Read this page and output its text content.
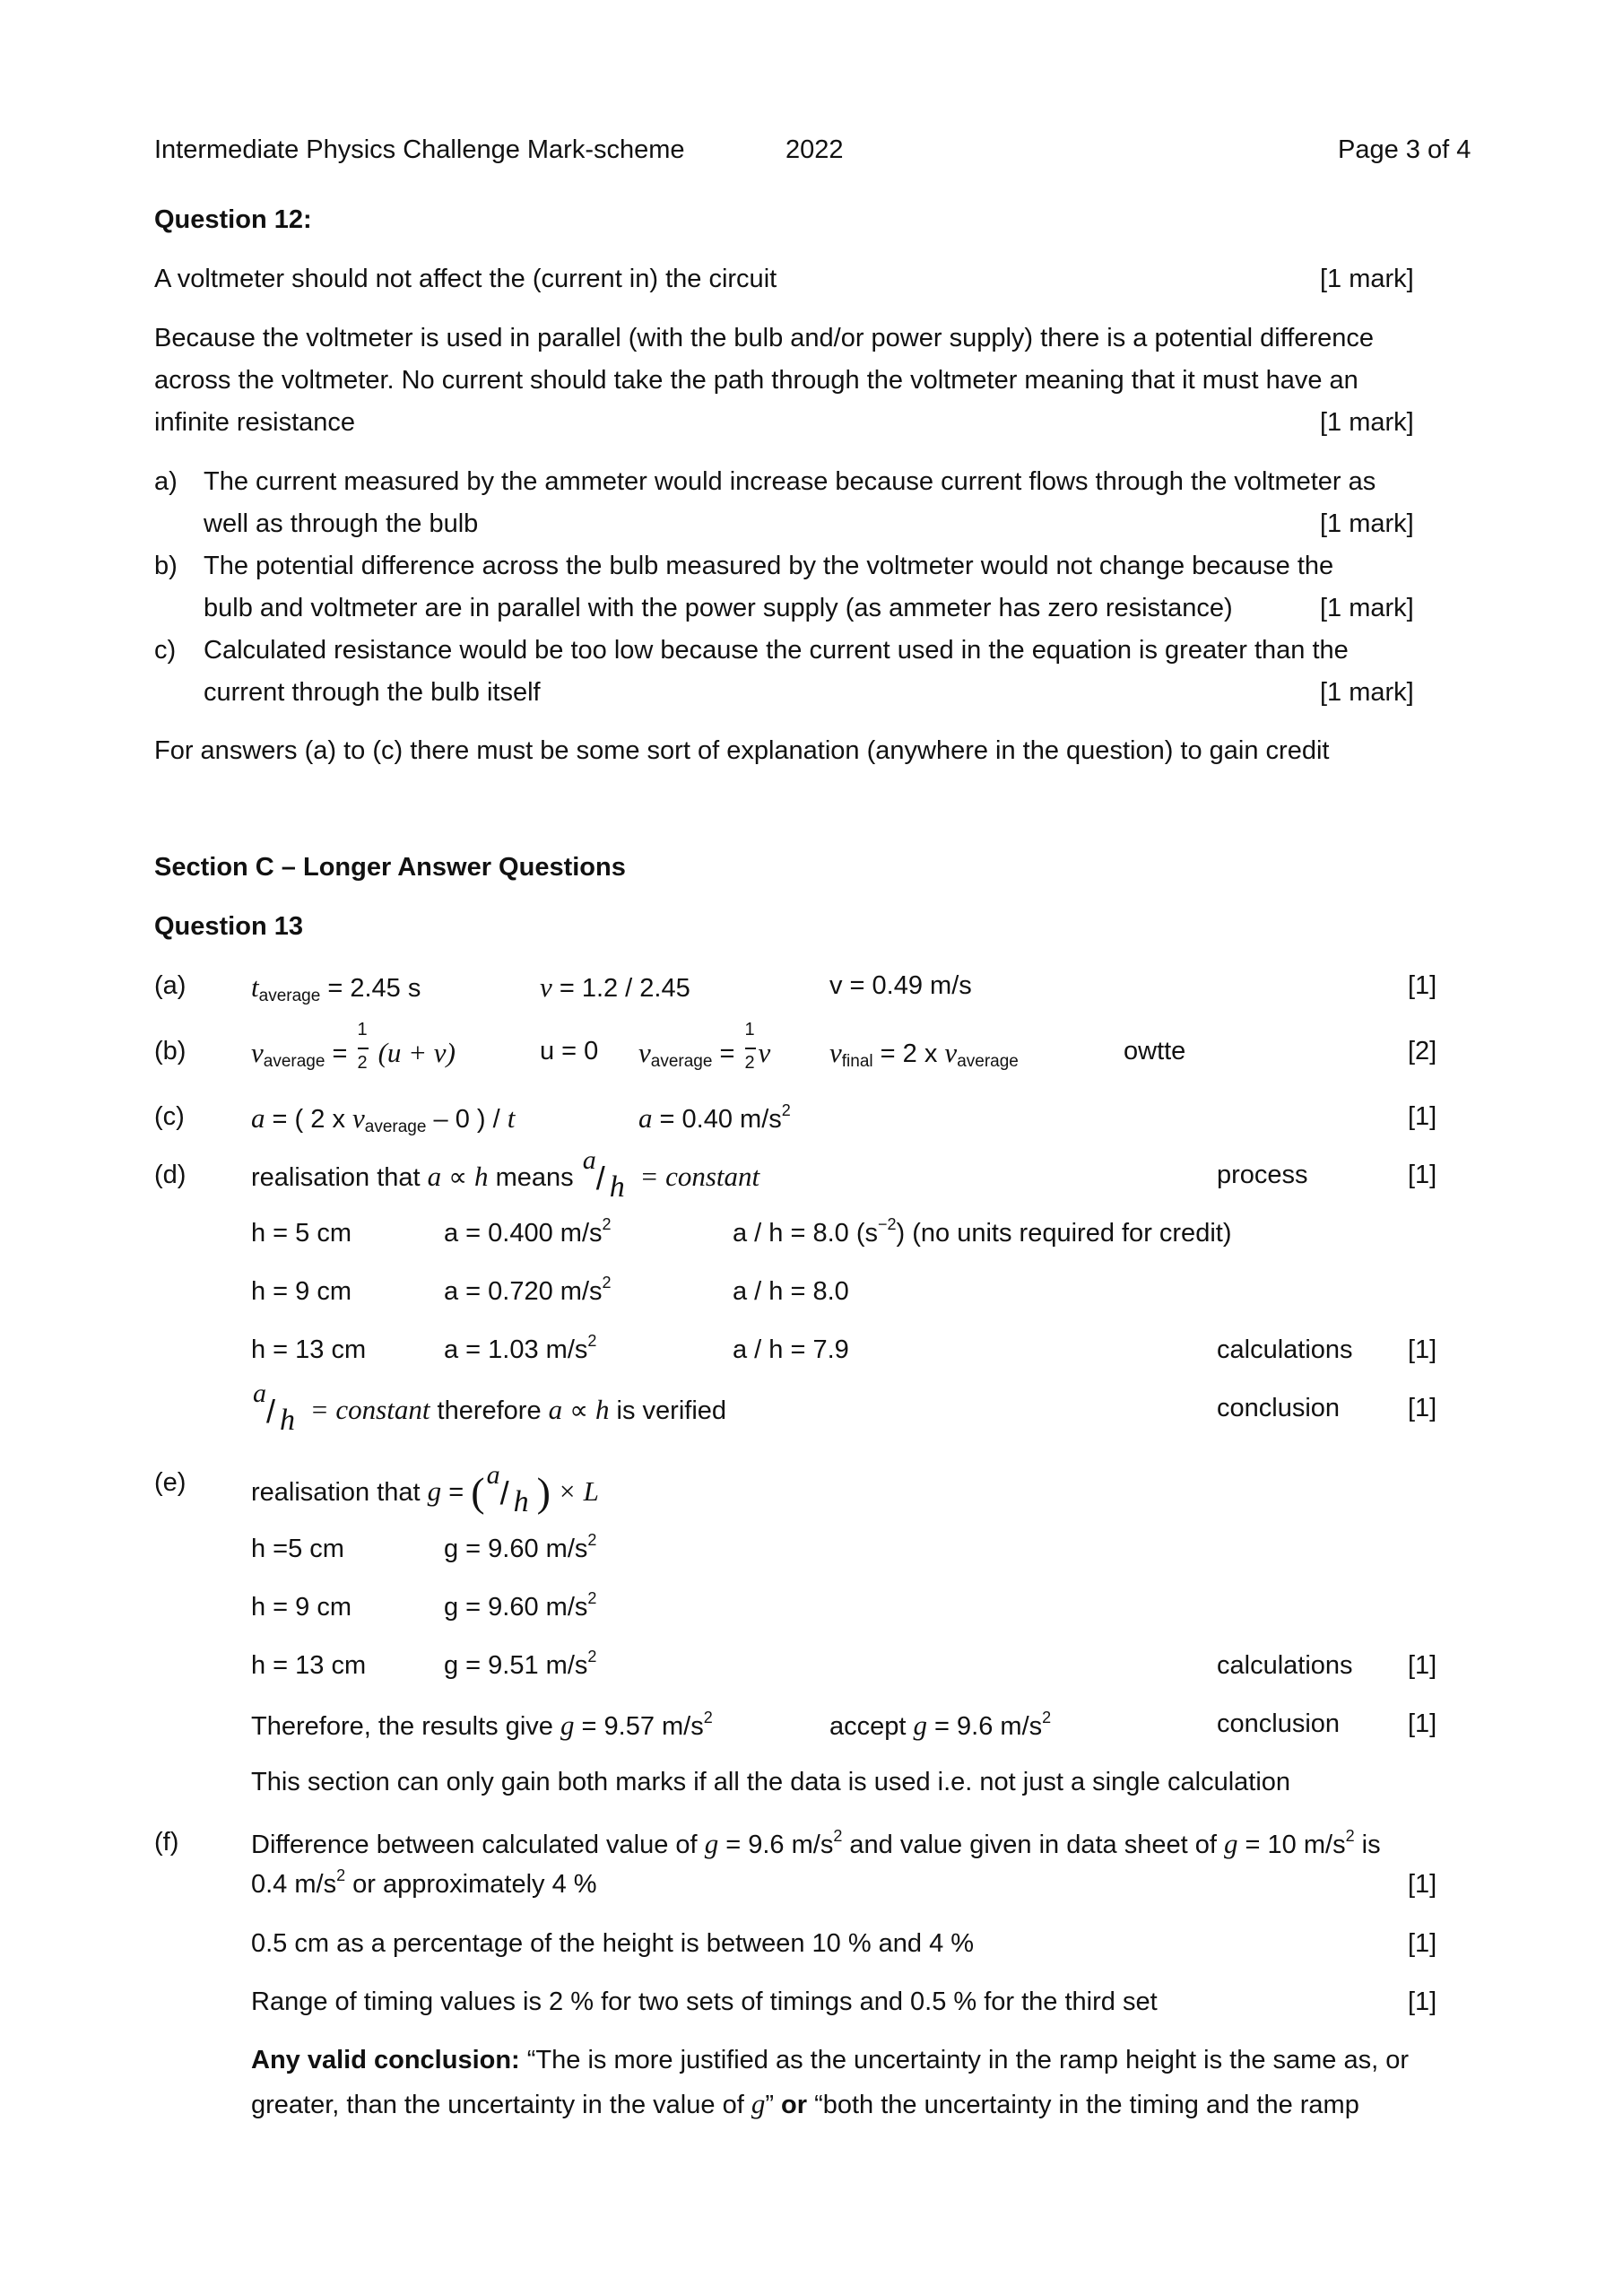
Intermediate Physics Challenge Mark-scheme	2022	Page 3 of 4
Question 12:
A voltmeter should not affect the (current in) the circuit	[1 mark]
Because the voltmeter is used in parallel (with the bulb and/or power supply) there is a potential difference
across the voltmeter. No current should take the path through the voltmeter meaning that it must have an
infinite resistance	[1 mark]
a) The current measured by the ammeter would increase because current flows through the voltmeter as
well as through the bulb	[1 mark]
b) The potential difference across the bulb measured by the voltmeter would not change because the
bulb and voltmeter are in parallel with the power supply (as ammeter has zero resistance)	[1 mark]
c) Calculated resistance would be too low because the current used in the equation is greater than the
current through the bulb itself	[1 mark]
For answers (a) to (c) there must be some sort of explanation (anywhere in the question) to gain credit
Section C – Longer Answer Questions
Question 13
(a) $t_{average} = 2.45$ s	v = 1.2 / 2.45	v = 0.49 m/s	[1]
(b) $v_{average} = \frac{1}{2} (u + v)$	u = 0 $v_{average} = \frac{1}{2}$ v $v_{final} = 2$ x $v_{average}$	owtte	[2]
(c) a = ( 2 x $v_{average} - 0$ ) / t	a = 0.40 $m/s^2$	[1]
(d)	realisation that a ∝ h means
a / h = constant	process	[1]
h = 5 cm	a = 0.400 $m/s^2$	a / h = 8.0 $(s^{-2})$ (no units required for credit)
h = 9 cm	a = 0.720 $m/s^2$	a / h = 8.0
h = 13 cm	a = 1.03 $m/s^2$	a / h = 7.9	calculations [1]
a / h = constant therefore a ∝ h is verified	conclusion	[1]
(e)	realisation that g = ( a / h ) × L
h =5 cm	g = 9.60 $m/s^2$
h = 9 cm	g = 9.60 $m/s^2$
h = 13 cm	g = 9.51 $m/s^2$	calculations [1]
Therefore, the results give g = 9.57 $m/s^2$	accept g = 9.6 $m/s^2$	conclusion	[1]
This section can only gain both marks if all the data is used i.e. not just a single calculation
(f)	Difference between calculated value of g = 9.6 $m/s^2$ and value given in data sheet of g = 10 $m/s^2$ is
0.4 $m/s^2$ or approximately 4 %	[1]
0.5 cm as a percentage of the height is between 10 % and 4 %	[1]
Range of timing values is 2 % for two sets of timings and 0.5 % for the third set	[1]
Any valid conclusion: “The is more justified as the uncertainty in the ramp height is the same as, or
greater, than the uncertainty in the value of g” or “both the uncertainty in the timing and the ramp
